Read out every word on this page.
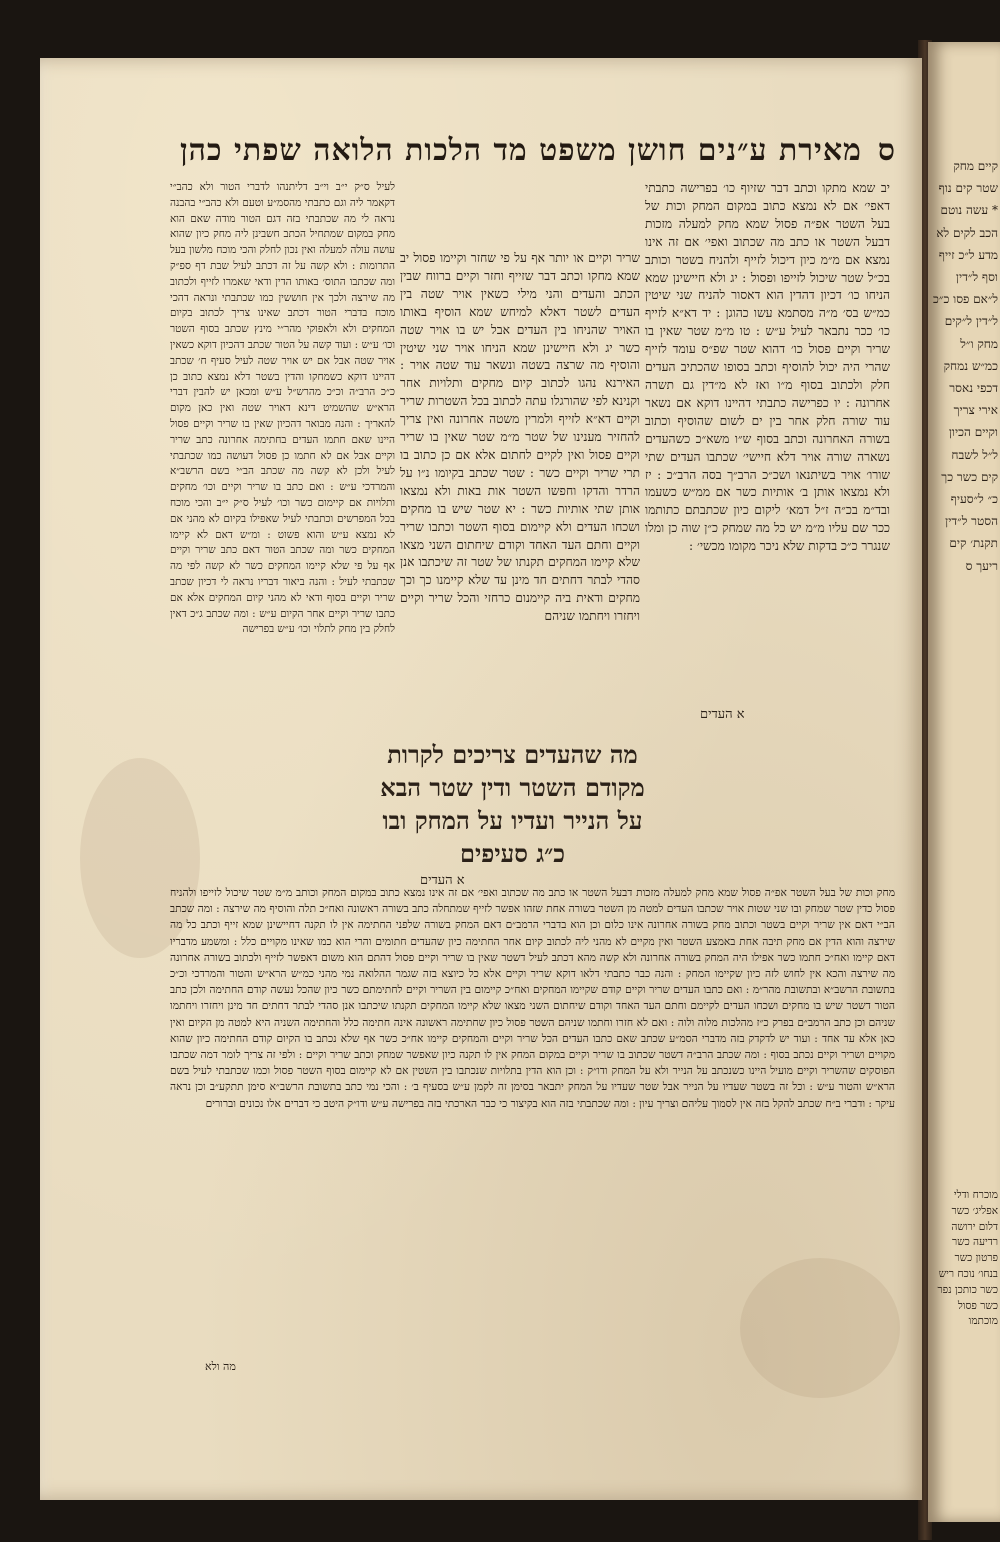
קיים מחק שטר קים נוף * עשה נוטם הכב לקים לא מדע ל״כ זייף וסף ל״דין ל״אם פסו כ״כ ל״דין ל״קים מחק ו״ל כמ״ש נמחק דכפי נאסר אירי צריך וקיים הכיון ל״ל לשבח קים כשר כך כ״ ל״סעיף הסטר ל״דין תקנת׳ קים ריעך ס
מוכרח ודלי אפליג׳ כשר דלום ירושה רדיעה כשר פרטון כשר בנחו׳ נוכח ריש כשר כותכן נפר כשר פסול מוכתמו
ס
מאירת ע״נים חושן משפט מד הלכות הלואה שפתי כהן
יב שמא מתקו וכתב דבר שזיוף כו׳ בפרישה כתבתי דאפי׳ אם לא נמצא כתוב במקום המחק וכות של בעל השטר אפ״ה פסול שמא מחק למעלה מזכות דבעל השטר או כתב מה שכתוב ואפי׳ אם זה אינו נמצא אם מ״מ כיון דיכול לזייף ולהניח בשטר וכותב בכ״ל שטר שיכול לזייפו ופסול : יג ולא חיישינן שמא הניחו כו׳ דכיון דהדין הוא דאסור להניח שני שיטין כמ״ש בס׳ מ״ה מסתמא עשו כהוגן : יד דא״א לזייף כו׳ ככר נתבאר לעיל ע״ש : טו מ״מ שטר שאין בו שריר וקיים פסול כו׳ דהוא שטר שפ״ס עומד לזייף שהרי היה יכול להוסיף וכתב בסופו שהכתיב העדים חלק ולכתוב בסוף מ״ו ואז לא מ״דין גם תשרה אחרונה : יו כפרישה כתבתי דהיינו דוקא אם נשאר עוד שורה חלק אחר בין ים לשום שהוסיף וכתוב בשורה האחרונה וכתב בסוף ש״ו משא״כ כשהעדים נשארה שורה אויר דלא חיישי׳ שכתבו העדים שתי שורו׳ אויר בשיתנאו ושכ״כ הרב״ך בסה הרב״כ : יז ולא נמצאו אותן ב׳ אותיות כשר אם ממ״ש כשעמו ובד״מ בכ״ה ז״ל דמא׳ ליקום כיון שכתבתם כתותמו ככר שם עליו מ״מ יש כל מה שמחק כ״ן שוה כן ומלו שנגרר כ״כ בדקות שלא ניכר מקומו מכשי׳ :
א העדים
שריר וקיים או יותר אף על פי שחזר וקיימו פסול יב שמא מחקו וכתב דבר שזייף וחזר וקיים ברווח שבין הכתב והעדים והני מילי כשאין אויר שטה בין העדים לשטר דאלא למיחש שמא הוסיף באותו האויר שהניחו בין העדים אבל יש בו אויר שטה כשר יג ולא חיישינן שמא הניחו אויר שני שיטין והוסיף מה שרצה בשטה ונשאר עוד שטה אויר : האירנא נהגו לכתוב קיום מחקים ותלויות אחר וקנינא לפי שהורגלו עתה לכתוב בכל השטרות שריר וקיים דא״א לזייף ולמרין משטה אחרונה ואין צריך להחזיר מענינו של שטר מ״מ שטר שאין בו שריר וקיים פסול ואין לקיים לחתום אלא אם כן כתוב בו תרי שריר וקיים כשר : שטר שכתב בקיומו נ״ו על הרדר והדקו וחפשו השטר אות באות ולא נמצאו אותן שתי אותיות כשר : יא שטר שיש בו מחקים ושכחו העדים ולא קיימום בסוף השטר וכתבו שריר וקיים וחתם העד האחד וקודם שיחתום השני מצאו שלא קיימו המחקים תקנתו של שטר זה שיכתבו אנן סהדי לבתר דחתים חד מינן עד שלא קיימנו כך וכך מחקים ודאית ביה קיימנום כרחזי והכל שריר וקיים ויחזרו ויחתמו שניהם
לעיל ס״ק י״ב וי״ב דליתנהו לדברי הטור ולא כהב״י דקאמר ליה וגם כתבתי מהסמ״ע וטעם ולא כהב״י בהבנה נראה לי מה שכתבתי בזה דגם הטור מודה שאם הוא מחק במקום שמתחיל הכתב חשבינן ליה מחק כיון שהוא עושה עולה למעלה ואין נכון לחלק והכי מוכח מלשון בעל התרומות : ולא קשה על זה דכתב לעיל שבת דף ספ״ק ומה שכתבו התוס׳ באותו הדין ודאי שאמרו לזייף ולכתוב מה שירצה ולכך אין חוששין כמו שכתבתי ונראה דהכי מוכח בדברי הטור דכתב שאינו צריך לכתוב בקיום המחקים ולא ולאפוקי מהר״י מינץ שכתב בסוף השטר וכו׳ ע״ש : ועוד קשה על הטור שכתב דהכיון דוקא כשאין אויר שטה אבל אם יש אויר שטה לעיל סעיף ח׳ שכתב דהיינו דוקא כשמחקו והדין בשטר דלא נמצא כתוב כן כ״כ הרב״ה וכ״כ מהרש״ל ע״ש ומכאן יש להבין דברי הרא״ש שהשמיט דינא דאויר שטה ואין כאן מקום להאריך : והנה מבואר דהכיון שאין בו שריר וקיים פסול היינו שאם חתמו העדים בחתימה אחרונה כתב שריר וקיים אבל אם לא חתמו כן פסול דעושה כמו שכתבתי לעיל ולכן לא קשה מה שכתב הב״י בשם הרשב״א והמרדכי ע״ש : ואם כתב בו שריר וקיים וכו׳ מחקים ותלויות אם קיימום כשר וכו׳ לעיל ס״ק י״ב והכי מוכח בכל המפרשים וכתבתי לעיל שאפילו בקיום לא מהני אם לא נמצא ע״ש והוא פשוט : ומ״ש דאם לא קיימו המחקים כשר ומה שכתב הטור דאם כתב שריר וקיים אף על פי שלא קיימו המחקים כשר לא קשה לפי מה שכתבתי לעיל : והנה ביאור דבריו נראה לי דכיון שכתב שריר וקיים בסוף ודאי לא מהני קיום המחקים אלא אם כתבו שריר וקיים אחר הקיום ע״ש : ומה שכתב ג״כ דאין לחלק בין מחק לתלוי וכו׳ ע״ש בפרישה
מה שהעדים צריכים לקרות מקודם השטר ודין שטר הבא על הנייר ועדיו על המחק ובו כ״ג סעיפים
א העדים
מחק וכות של בעל השטר אפ״ה פסול שמא מחק למעלה מזכות דבעל השטר או כתב מה שכתוב ואפי׳ אם זה אינו נמצא כתוב במקום המחק וכותב מ״מ שטר שיכול לזייפו ולהניח פסול כדין שטר שמחק ובו שני שטות אויר שכתבו העדים למטה מן השטר בשורה אחת שזהו אפשר לזייף שמתחלה כתב בשורה ראשונה ואח״כ תלה והוסיף מה שירצה : ומה שכתב הב״י דאם אין שריר וקיים בשטר וכתוב מחק בשורה אחרונה אינו כלום וכן הוא בדברי הרמב״ם דאם המחק בשורה שלפני החתימה אין לו תקנה דחיישינן שמא זייף וכתב כל מה שירצה והוא הדין אם מחק תיבה אחת באמצע השטר ואין מקיים לא מהני ליה לכתוב קיום אחר החתימה כיון שהעדים חתומים והרי הוא כמו שאינו מקויים כלל : ומשמע מדבריו דאם קיימו ואח״כ חתמו כשר אפילו היה המחק בשורה אחרונה ולא קשה מהא דכתב לעיל דשטר שאין בו שריר וקיים פסול דהתם הוא משום דאפשר לזייף ולכתוב בשורה אחרונה מה שירצה והכא אין לחוש לזה כיון שקיימו המחק : והנה כבר כתבתי דלאו דוקא שריר וקיים אלא כל כיוצא בזה שגמר ההלואה נמי מהני כמ״ש הרא״ש והטור והמרדכי וכ״כ בתשובת הרשב״א ובתשובת מהר״מ : ואם כתבו העדים שריר וקיים קודם שקיימו המחקים ואח״כ קיימום בין השריר וקיים לחתימתם כשר כיון שהכל נעשה קודם החתימה ולכן כתב הטור דשטר שיש בו מחקים ושכחו העדים לקיימם וחתם העד האחד וקודם שיחתום השני מצאו שלא קיימו המחקים תקנתו שיכתבו אנן סהדי לבתר דחתים חד מינן ויחזרו ויחתמו שניהם וכן כתב הרמב״ם בפרק כ״ז מהלכות מלוה ולוה : ואם לא חזרו וחתמו שניהם השטר פסול כיון שחתימה ראשונה אינה חתימה כלל והחתימה השניה היא למטה מן הקיום ואין כאן אלא עד אחד : ועוד יש לדקדק בזה מדברי הסמ״ע שכתב שאם כתבו העדים הכל שריר וקיים והמחקים קיימו אח״כ כשר אף שלא נכתב בו הקיום קודם החתימה כיון שהוא מקויים ושריר וקיים נכתב בסוף : ומה שכתב הרב״ה דשטר שכתוב בו שריר וקיים במקום המחק אין לו תקנה כיון שאפשר שמחק וכתב שריר וקיים : ולפי זה צריך לומר דמה שכתבו הפוסקים שהשריר וקיים מועיל היינו כשנכתב על הנייר ולא על המחק ודו״ק : וכן הוא הדין בתלויות שנכתבו בין השטין אם לא קיימום בסוף השטר פסול וכמו שכתבתי לעיל בשם הרא״ש והטור ע״ש : וכל זה בשטר שעדיו על הנייר אבל שטר שעדיו על המחק יתבאר בסימן זה לקמן ע״ש בסעיף ב׳ : והכי נמי כתב בתשובת הרשב״א סימן תתקע״ב וכן נראה עיקר : ודברי ב״ח שכתב להקל בזה אין לסמוך עליהם וצריך עיון : ומה שכתבתי בזה הוא בקיצור כי כבר הארכתי בזה בפרישה ע״ש ודו״ק היטב כי דברים אלו נכונים וברורים
מה ולא
